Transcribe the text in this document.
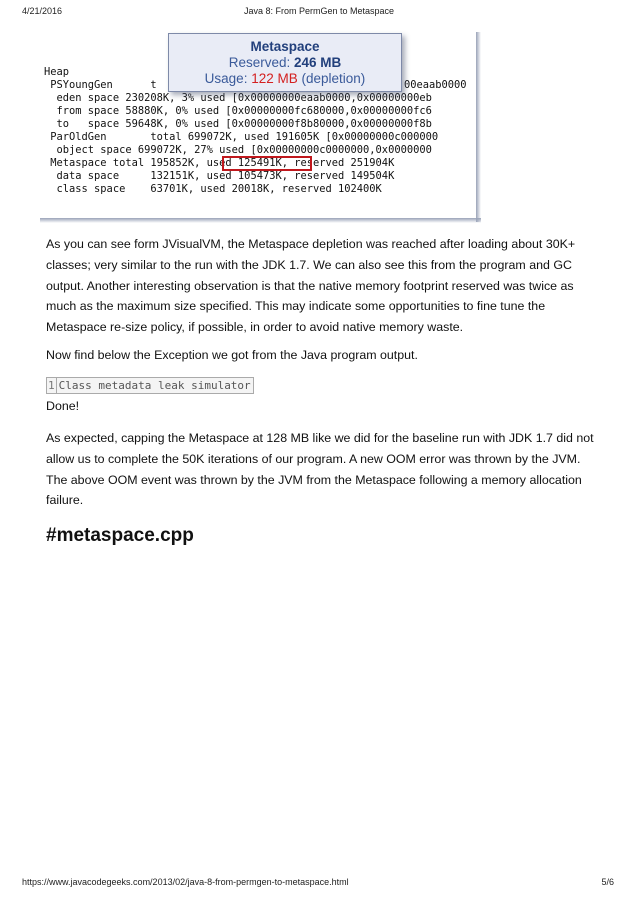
4/21/2016	Java 8: From PermGen to Metaspace
Heap
PSYoungGen      t	00eaab0000
eden space 230208K, 3% used [0x00000000eaab0000,0x00000000eb
from space 58880K, 0% used [0x00000000fc680000,0x00000000fc6
to   space 59648K, 0% used [0x00000000f8b80000,0x00000000f8b
ParOldGen       total 699072K, used 191605K [0x00000000c000000
object space 699072K, 27% used [0x00000000c0000000,0x0000000
Metaspace total 195852K, used 125491K, reserved 251904K
data space     132151K, used 105473K, reserved 149504K
class space    63701K, used 20018K, reserved 102400K
Metaspace
Reserved: 246 MB
Usage: 122 MB (depletion)
As you can see form JVisualVM, the Metaspace depletion was reached after loading about 30K+ classes; very similar to the run with the JDK 1.7. We can also see this from the program and GC output. Another interesting observation is that the native memory footprint reserved was twice as much as the maximum size specified. This may indicate some opportunities to fine tune the Metaspace re-size policy, if possible, in order to avoid native memory waste.
Now find below the Exception we got from the Java program output.
1 Class metadata leak simulator
Done!
As expected, capping the Metaspace at 128 MB like we did for the baseline run with JDK 1.7 did not allow us to complete the 50K iterations of our program. A new OOM error was thrown by the JVM. The above OOM event was thrown by the JVM from the Metaspace following a memory allocation failure.
#metaspace.cpp
https://www.javacodegeeks.com/2013/02/java-8-from-permgen-to-metaspace.html	5/6
